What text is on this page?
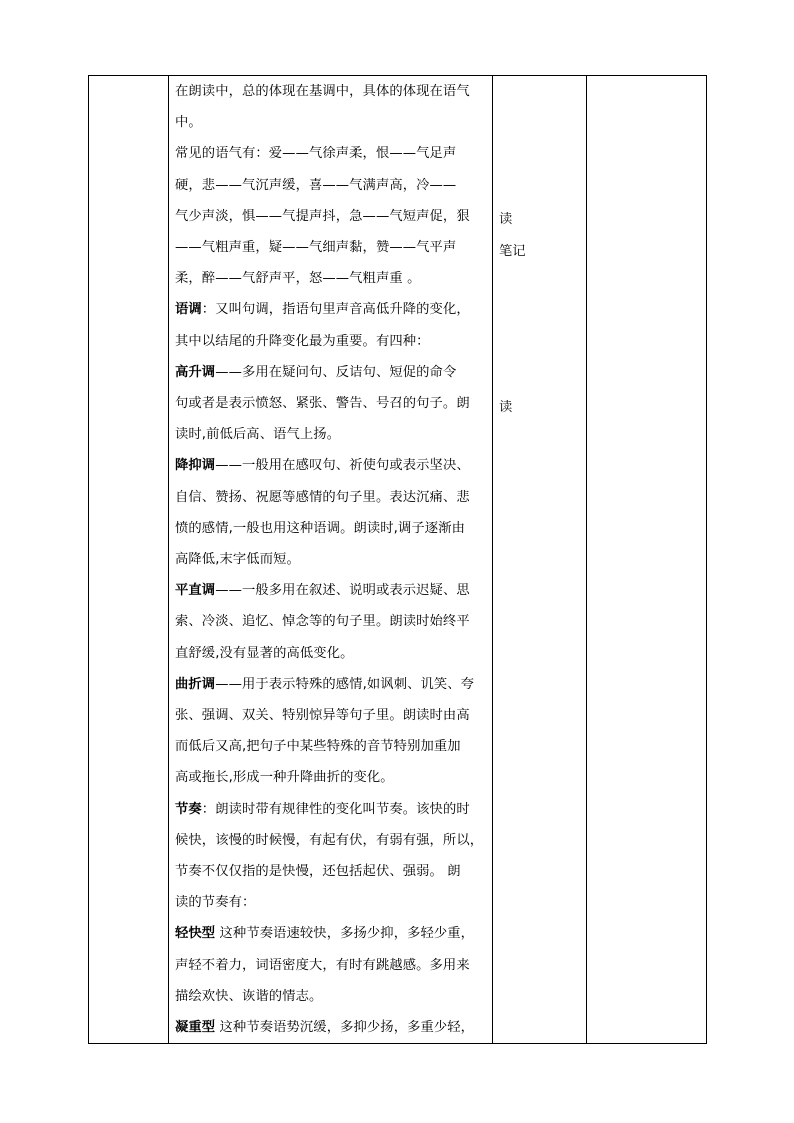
在朗读中，总的体现在基调中，具体的体现在语气

中。

常见的语气有：爱——气徐声柔，恨——气足声

硬，悲——气沉声缓，喜——气满声高，冷——

气少声淡，惧——气提声抖，急——气短声促，狠

——气粗声重，疑——气细声黏，赞——气平声

柔，醉——气舒声平，怒——气粗声重 。

语调：又叫句调，指语句里声音高低升降的变化，

其中以结尾的升降变化最为重要。有四种：

高升调——多用在疑问句、反诘句、短促的命令

句或者是表示愤怒、紧张、警告、号召的句子。朗

读时,前低后高、语气上扬。

降抑调——一般用在感叹句、祈使句或表示坚决、

自信、赞扬、祝愿等感情的句子里。表达沉痛、悲

愤的感情,一般也用这种语调。朗读时,调子逐渐由

高降低,末字低而短。

平直调——一般多用在叙述、说明或表示迟疑、思

索、冷淡、追忆、悼念等的句子里。朗读时始终平

直舒缓,没有显著的高低变化。

曲折调——用于表示特殊的感情,如讽刺、讥笑、夸

张、强调、双关、特别惊异等句子里。朗读时由高

而低后又高,把句子中某些特殊的音节特别加重加

高或拖长,形成一种升降曲折的变化。

节奏：朗读时带有规律性的变化叫节奏。该快的时

候快，该慢的时候慢，有起有伏，有弱有强，所以，

节奏不仅仅指的是快慢，还包括起伏、强弱。 朗

读的节奏有：

轻快型 这种节奏语速较快，多扬少抑，多轻少重，

声轻不着力，词语密度大，有时有跳越感。多用来

描绘欢快、诙谐的情志。

凝重型 这种节奏语势沉缓，多抑少扬，多重少轻，

读
笔记
读
